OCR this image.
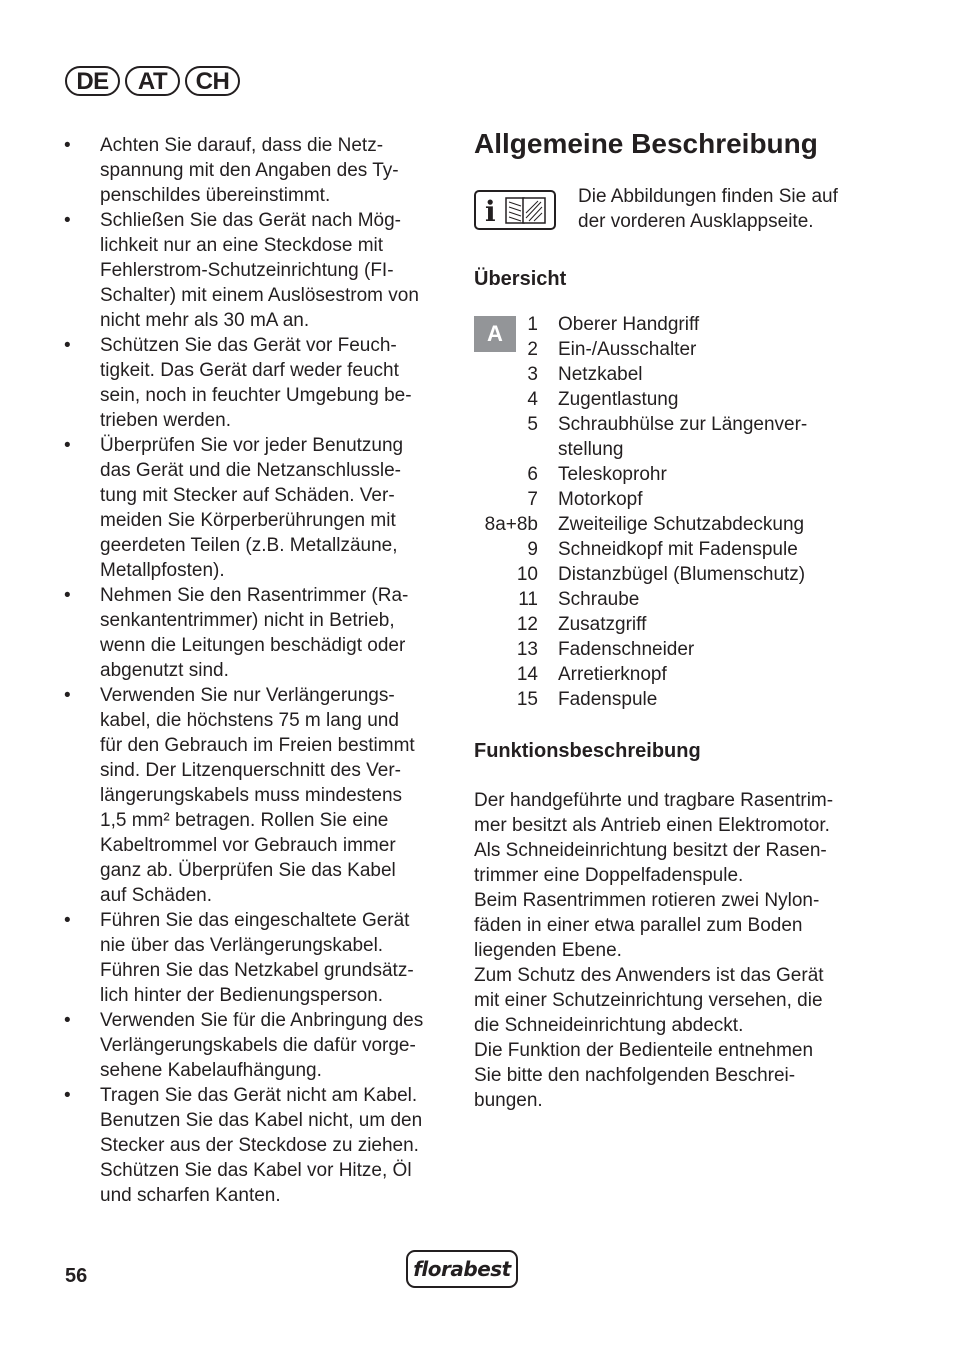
DE	AT	CH
•	Achten Sie darauf, dass die Netz-
spannung mit den Angaben des Ty-
penschildes übereinstimmt.
•	Schließen Sie das Gerät nach Mög-
lichkeit nur an eine Steckdose mit
Fehlerstrom-Schutzeinrichtung (FI-
Schalter) mit einem Auslösestrom von
nicht mehr als 30 mA an.
•	Schützen Sie das Gerät vor Feuch-
tigkeit. Das Gerät darf weder feucht
sein, noch in feuchter Umgebung be-
trieben werden.
•	Überprüfen Sie vor jeder Benutzung
das Gerät und die Netzanschlussle-
tung mit Stecker auf Schäden. Ver-
meiden Sie Körperberührungen mit
geerdeten Teilen (z.B. Metallzäune,
Metallpfosten).
•	Nehmen Sie den Rasentrimmer (Ra-
senkantentrimmer) nicht in Betrieb,
wenn die Leitungen beschädigt oder
abgenutzt sind.
•	Verwenden Sie nur Verlängerungs-
kabel, die höchstens 75 m lang und
für den Gebrauch im Freien bestimmt
sind. Der Litzenquerschnitt des Ver-
längerungskabels muss mindestens
1,5 mm² betragen. Rollen Sie eine
Kabeltrommel vor Gebrauch immer
ganz ab. Überprüfen Sie das Kabel
auf Schäden.
•	Führen Sie das eingeschaltete Gerät
nie über das Verlängerungskabel.
Führen Sie das Netzkabel grundsätz-
lich hinter der Bedienungsperson.
•	Verwenden Sie für die Anbringung des
Verlängerungskabels die dafür vorge-
sehene Kabelaufhängung.
•	Tragen Sie das Gerät nicht am Kabel.
Benutzen Sie das Kabel nicht, um den
Stecker aus der Steckdose zu ziehen.
Schützen Sie das Kabel vor Hitze, Öl
und scharfen Kanten.
Allgemeine Beschreibung
i	Die Abbildungen finden Sie auf
der vorderen Ausklappseite.
Übersicht
A	1 Oberer Handgriff
2 Ein-/Ausschalter
3 Netzkabel
4 Zugentlastung
5 Schraubhülse zur Längenver-
stellung
6 Teleskoprohr
7 Motorkopf
8a+8b Zweiteilige Schutzabdeckung
9 Schneidkopf mit Fadenspule
10 Distanzbügel (Blumenschutz)
11 Schraube
12 Zusatzgriff
13 Fadenschneider
14 Arretierknopf
15 Fadenspule
Funktionsbeschreibung

Der handgeführte und tragbare Rasentrim-
mer besitzt als Antrieb einen Elektromotor.
Als Schneideinrichtung besitzt der Rasen-
trimmer eine Doppelfadenspule.
Beim Rasentrimmen rotieren zwei Nylon-
fäden in einer etwa parallel zum Boden
liegenden Ebene.
Zum Schutz des Anwenders ist das Gerät
mit einer Schutzeinrichtung versehen, die
die Schneideinrichtung abdeckt.
Die Funktion der Bedienteile entnehmen
Sie bitte den nachfolgenden Beschrei-
bungen.

56	florabest
